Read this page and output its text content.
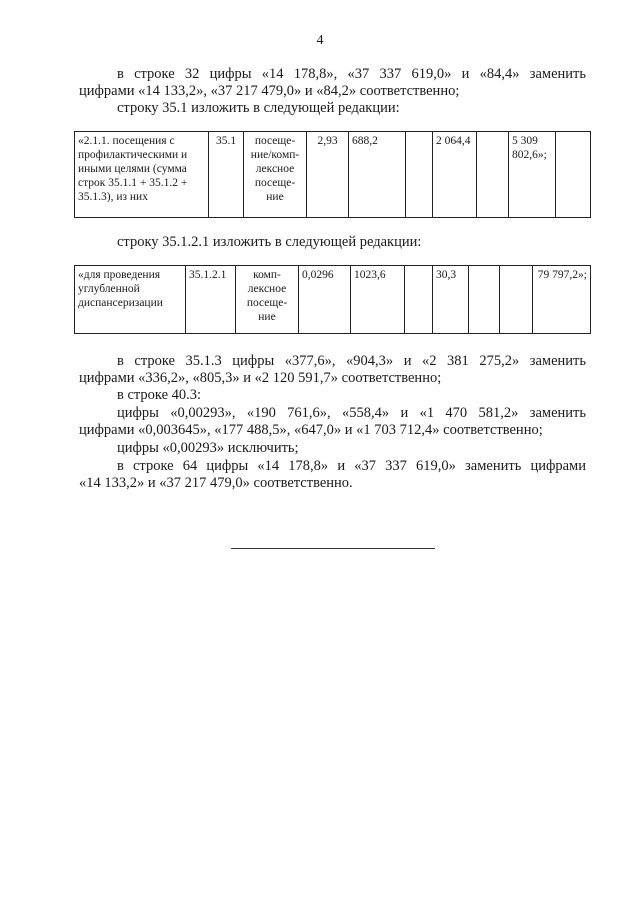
4
в строке 32 цифры «14 178,8», «37 337 619,0» и «84,4» заменить
цифрами «14 133,2», «37 217 479,0» и «84,2» соответственно;
строку 35.1 изложить в следующей редакции:
«2.1.1. посещения с профилактическими и иными целями (сумма строк 35.1.1 + 35.1.2 + 35.1.3), из них	35.1	посеще-ние/комп-лексное посеще-ние	2,93	688,2		2 064,4		5 309 802,6»;	
строку 35.1.2.1 изложить в следующей редакции:
«для проведения углубленной диспансеризации	35.1.2.1	комп-лексное посеще-ние	0,0296	1023,6		30,3			79 797,2»;
в строке 35.1.3 цифры «377,6», «904,3» и «2 381 275,2» заменить
цифрами «336,2», «805,3» и «2 120 591,7» соответственно;
в строке 40.3:
цифры «0,00293», «190 761,6», «558,4» и «1 470 581,2» заменить
цифрами «0,003645», «177 488,5», «647,0» и «1 703 712,4» соответственно;
цифры «0,00293» исключить;
в строке 64 цифры «14 178,8» и «37 337 619,0» заменить цифрами
«14 133,2» и «37 217 479,0» соответственно.
